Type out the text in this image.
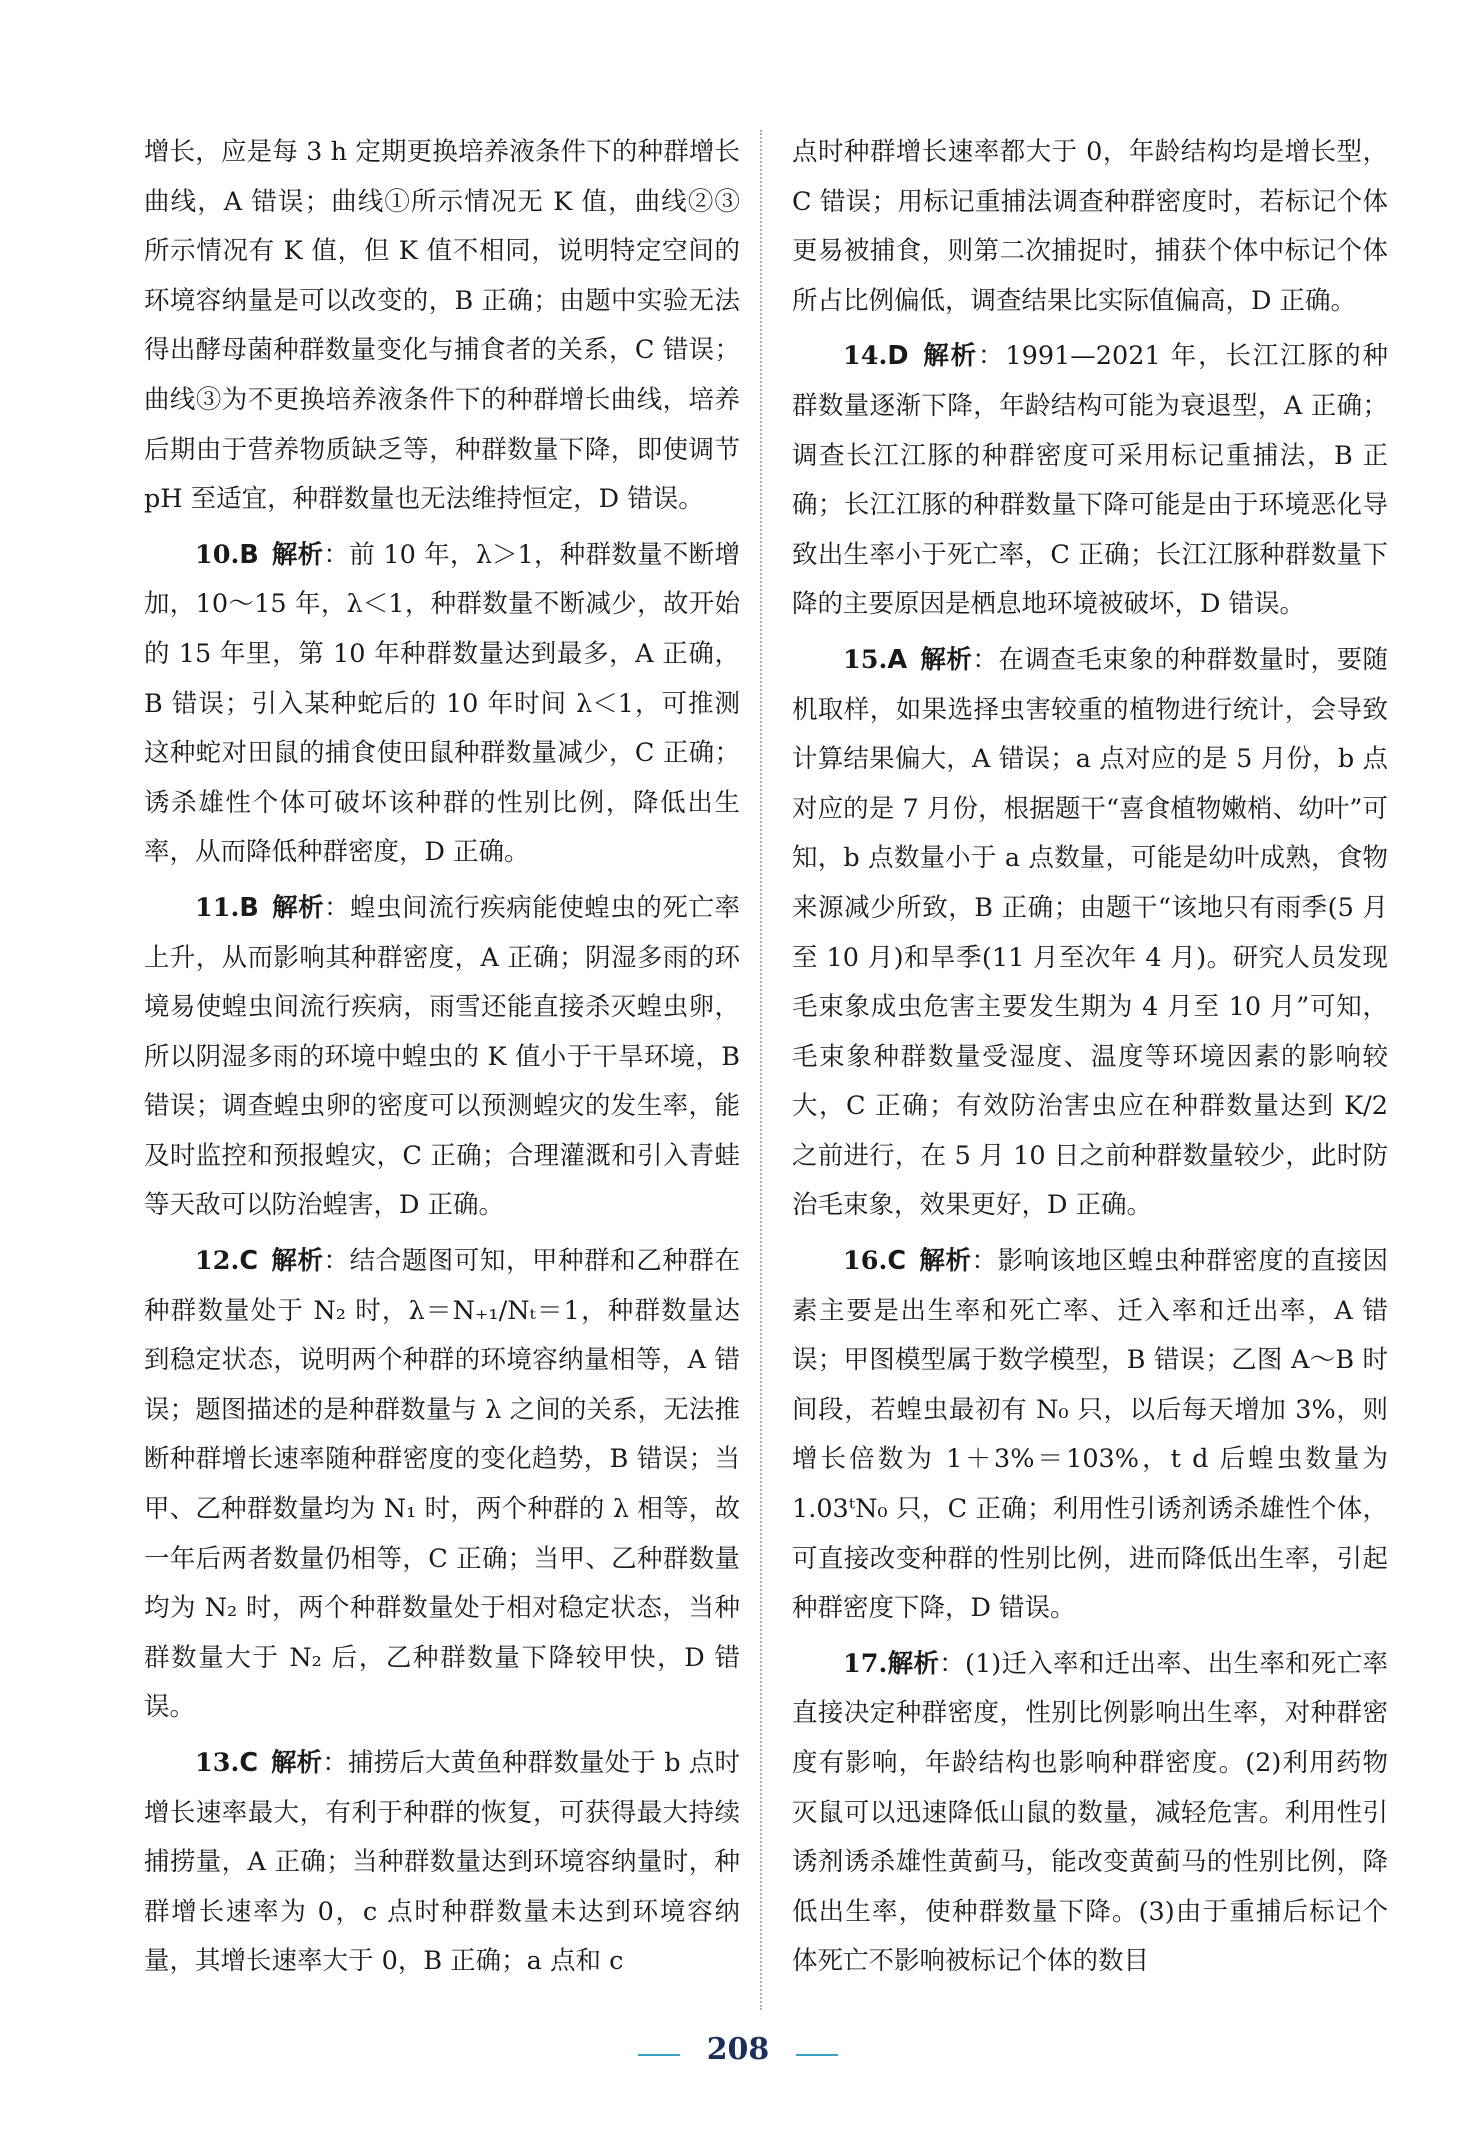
增长，应是每 3 h 定期更换培养液条件下的种群增长曲线，A 错误；曲线①所示情况无 K 值，曲线②③所示情况有 K 值，但 K 值不相同，说明特定空间的环境容纳量是可以改变的，B 正确；由题中实验无法得出酵母菌种群数量变化与捕食者的关系，C 错误；曲线③为不更换培养液条件下的种群增长曲线，培养后期由于营养物质缺乏等，种群数量下降，即使调节 pH 至适宜，种群数量也无法维持恒定，D 错误。

10.B  解析：前 10 年，λ＞1，种群数量不断增加，10～15 年，λ＜1，种群数量不断减少，故开始的 15 年里，第 10 年种群数量达到最多，A 正确，B 错误；引入某种蛇后的 10 年时间 λ＜1，可推测这种蛇对田鼠的捕食使田鼠种群数量减少，C 正确；诱杀雄性个体可破坏该种群的性别比例，降低出生率，从而降低种群密度，D 正确。

11.B  解析：蝗虫间流行疾病能使蝗虫的死亡率上升，从而影响其种群密度，A 正确；阴湿多雨的环境易使蝗虫间流行疾病，雨雪还能直接杀灭蝗虫卵，所以阴湿多雨的环境中蝗虫的 K 值小于干旱环境，B 错误；调查蝗虫卵的密度可以预测蝗灾的发生率，能及时监控和预报蝗灾，C 正确；合理灌溉和引入青蛙等天敌可以防治蝗害，D 正确。

12.C  解析：结合题图可知，甲种群和乙种群在种群数量处于 N₂ 时，λ＝N₊₁/Nₜ＝1，种群数量达到稳定状态，说明两个种群的环境容纳量相等，A 错误；题图描述的是种群数量与 λ 之间的关系，无法推断种群增长速率随种群密度的变化趋势，B 错误；当甲、乙种群数量均为 N₁ 时，两个种群的 λ 相等，故一年后两者数量仍相等，C 正确；当甲、乙种群数量均为 N₂ 时，两个种群数量处于相对稳定状态，当种群数量大于 N₂ 后，乙种群数量下降较甲快，D 错误。

13.C  解析：捕捞后大黄鱼种群数量处于 b 点时增长速率最大，有利于种群的恢复，可获得最大持续捕捞量，A 正确；当种群数量达到环境容纳量时，种群增长速率为 0，c 点时种群数量未达到环境容纳量，其增长速率大于 0，B 正确；a 点和 c

点时种群增长速率都大于 0，年龄结构均是增长型，C 错误；用标记重捕法调查种群密度时，若标记个体更易被捕食，则第二次捕捉时，捕获个体中标记个体所占比例偏低，调查结果比实际值偏高，D 正确。

14.D  解析：1991—2021 年，长江江豚的种群数量逐渐下降，年龄结构可能为衰退型，A 正确；调查长江江豚的种群密度可采用标记重捕法，B 正确；长江江豚的种群数量下降可能是由于环境恶化导致出生率小于死亡率，C 正确；长江江豚种群数量下降的主要原因是栖息地环境被破坏，D 错误。

15.A  解析：在调查毛束象的种群数量时，要随机取样，如果选择虫害较重的植物进行统计，会导致计算结果偏大，A 错误；a 点对应的是 5 月份，b 点对应的是 7 月份，根据题干“喜食植物嫩梢、幼叶”可知，b 点数量小于 a 点数量，可能是幼叶成熟，食物来源减少所致，B 正确；由题干“该地只有雨季(5 月至 10 月)和旱季(11 月至次年 4 月)。研究人员发现毛束象成虫危害主要发生期为 4 月至 10 月”可知，毛束象种群数量受湿度、温度等环境因素的影响较大，C 正确；有效防治害虫应在种群数量达到 K/2 之前进行，在 5 月 10 日之前种群数量较少，此时防治毛束象，效果更好，D 正确。

16.C  解析：影响该地区蝗虫种群密度的直接因素主要是出生率和死亡率、迁入率和迁出率，A 错误；甲图模型属于数学模型，B 错误；乙图 A～B 时间段，若蝗虫最初有 N₀ 只，以后每天增加 3%，则增长倍数为 1＋3%＝103%，t d 后蝗虫数量为 1.03ᵗN₀ 只，C 正确；利用性引诱剂诱杀雄性个体，可直接改变种群的性别比例，进而降低出生率，引起种群密度下降，D 错误。

17.解析：(1)迁入率和迁出率、出生率和死亡率直接决定种群密度，性别比例影响出生率，对种群密度有影响，年龄结构也影响种群密度。(2)利用药物灭鼠可以迅速降低山鼠的数量，减轻危害。利用性引诱剂诱杀雄性黄蓟马，能改变黄蓟马的性别比例，降低出生率，使种群数量下降。(3)由于重捕后标记个体死亡不影响被标记个体的数目

208
